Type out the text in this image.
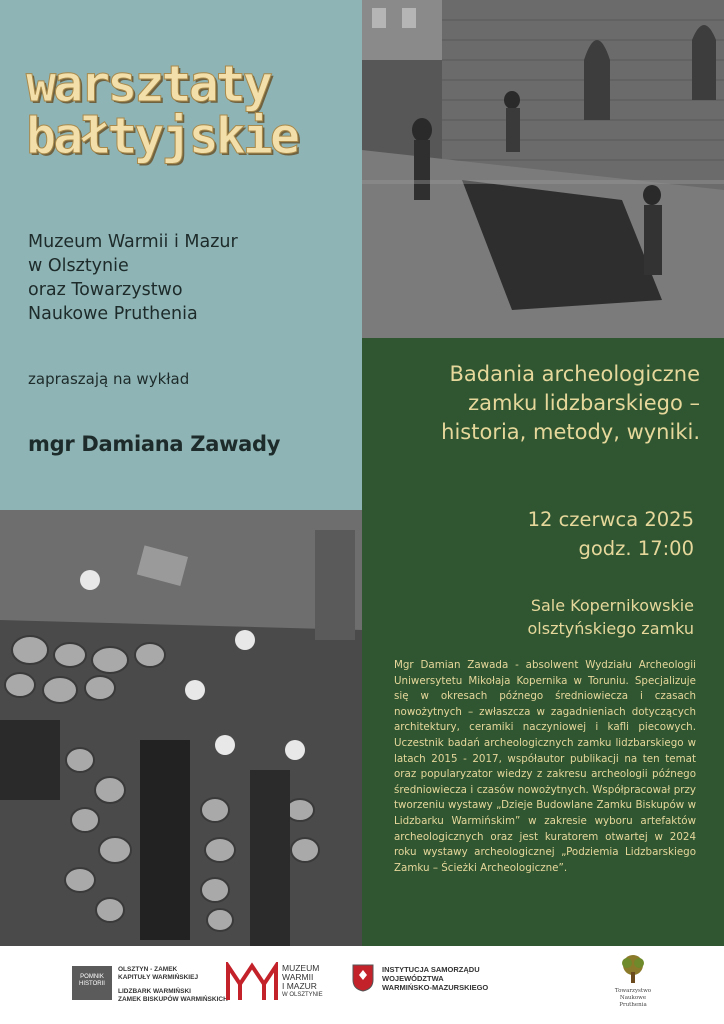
warsztaty
bałtyjskie
Muzeum Warmii i Mazur
w Olsztynie
oraz Towarzystwo
Naukowe Pruthenia
zapraszają na wykład
mgr Damiana Zawady
Badania archeologiczne
zamku lidzbarskiego –
historia, metody, wyniki.
12 czerwca 2025
godz. 17:00
Sale Kopernikowskie
olsztyńskiego zamku
Mgr Damian Zawada - absolwent Wydziału Archeologii Uniwersytetu Mikołaja Kopernika w Toruniu. Specjalizuje się w okresach późnego średniowiecza i czasach nowożytnych – zwłaszcza w zagadnieniach dotyczących architektury, ceramiki naczyniowej i kafli piecowych. Uczestnik badań archeologicznych zamku lidzbarskiego w latach 2015 - 2017, współautor publikacji na ten temat oraz popularyzator wiedzy z zakresu archeologii późnego średniowiecza i czasów nowożytnych. Współpracował przy tworzeniu wystawy „Dzieje Budowlane Zamku Biskupów w Lidzbarku Warmińskim” w zakresie wyboru artefaktów archeologicznych oraz jest kuratorem otwartej w 2024 roku wystawy archeologicznej „Podziemia Lidzbarskiego Zamku – Ścieżki Archeologiczne”.
POMNIK
HISTORII
OLSZTYN - ZAMEK
KAPITUŁY WARMIŃSKIEJ
LIDZBARK WARMIŃSKI
ZAMEK BISKUPÓW WARMIŃSKICH
MUZEUM
WARMII
I MAZUR
W OLSZTYNIE
INSTYTUCJA SAMORZĄDU
WOJEWÓDZTWA
WARMIŃSKO-MAZURSKIEGO	Towarzystwo
Naukowe
Pruthenia
